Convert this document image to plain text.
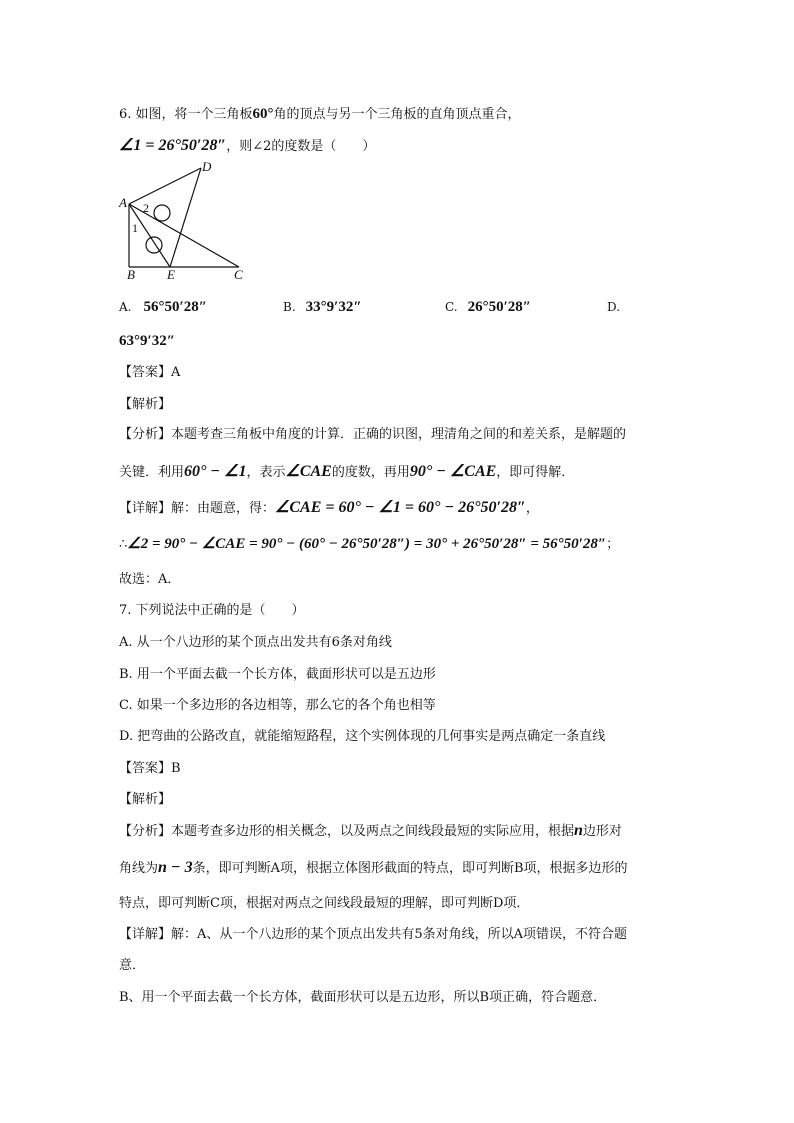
6. 如图，将一个三角板60°角的顶点与另一个三角板的直角顶点重合，
∠1 = 26°50′28″，则∠2的度数是（　　）
A
B	C
D
E
1
2
A. 56°50′28″	B. 33°9′32″	C. 26°50′28″	D.
63°9′32″
【答案】A
【解析】
【分析】本题考查三角板中角度的计算．正确的识图，理清角之间的和差关系，是解题的
关键．利用60° − ∠1，表示∠CAE的度数，再用90° − ∠CAE，即可得解．
【详解】解：由题意，得：∠CAE = 60° − ∠1 = 60° − 26°50′28″，
∴∠2 = 90° − ∠CAE = 90° − (60° − 26°50′28″) = 30° + 26°50′28″ = 56°50′28″；
故选：A．
7. 下列说法中正确的是（　　）
A. 从一个八边形的某个顶点出发共有6条对角线
B. 用一个平面去截一个长方体，截面形状可以是五边形
C. 如果一个多边形的各边相等，那么它的各个角也相等
D. 把弯曲的公路改直，就能缩短路程，这个实例体现的几何事实是两点确定一条直线
【答案】B
【解析】
【分析】本题考查多边形的相关概念，以及两点之间线段最短的实际应用，根据n边形对
角线为n − 3条，即可判断A项，根据立体图形截面的特点，即可判断B项，根据多边形的
特点，即可判断C项，根据对两点之间线段最短的理解，即可判断D项．
【详解】解：A、从一个八边形的某个顶点出发共有5条对角线，所以A项错误，不符合题
意．
B、用一个平面去截一个长方体，截面形状可以是五边形，所以B项正确，符合题意．
